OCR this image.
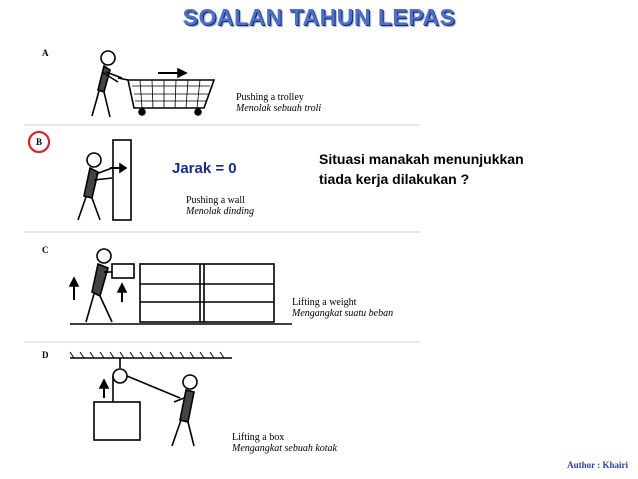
SOALAN TAHUN LEPAS
A
B
C
D
Pushing a trolley
Menolak sebuah troli
Pushing a wall
Menolak dinding
Lifting a weight
Mengangkat suatu beban
Lifting a box
Mengangkat sebuah kotak
Jarak = 0
Situasi manakah menunjukkan
tiada kerja dilakukan ?
Author : Khairi
